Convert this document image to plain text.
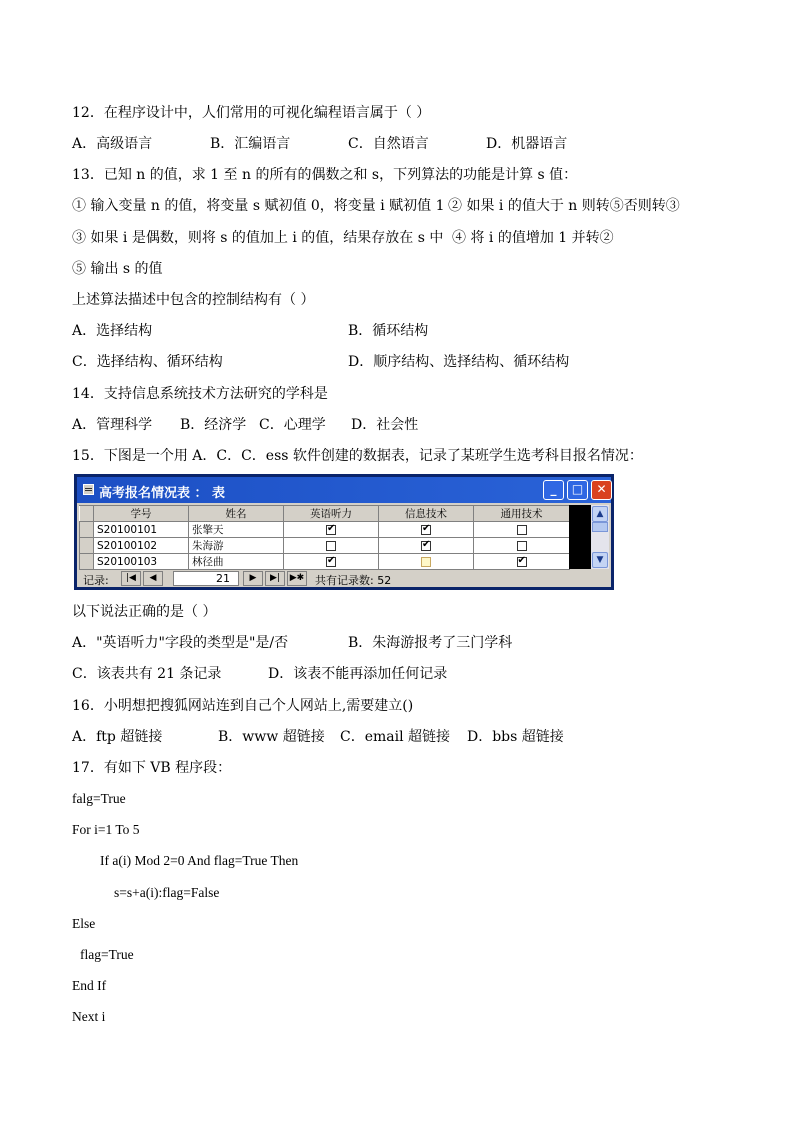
12．在程序设计中，人们常用的可视化编程语言属于（ ）
A．高级语言	B．汇编语言	C．自然语言	D．机器语言
13．已知 n 的值，求 1 至 n 的所有的偶数之和 s，下列算法的功能是计算 s 值：
① 输入变量 n 的值，将变量 s 赋初值 0，将变量 i 赋初值 1 ② 如果 i 的值大于 n 则转⑤否则转③
③ 如果 i 是偶数，则将 s 的值加上 i 的值，结果存放在 s 中 ④ 将 i 的值增加 1 并转②
⑤ 输出 s 的值
上述算法描述中包含的控制结构有（ ）
A．选择结构	B．循环结构
C．选择结构、循环结构	D．顺序结构、选择结构、循环结构
14．支持信息系统技术方法研究的学科是
A．管理科学 B．经济学 C．心理学 D．社会性
15．下图是一个用 A．C．C．ess 软件创建的数据表，记录了某班学生选考科目报名情况：
高考报名情况表 ： 表	_	□	✕
	学号	姓名	英语听力	信息技术	通用技术
	S20100101	张擎天	✔	✔	
	S20100102	朱海游		✔	
	S20100103	林径曲	✔		✔
▲
▼
记录:	|◀	◀	21	▶	▶|	▶✱ 共有记录数: 52
以下说法正确的是（ ）
A．"英语听力"字段的类型是"是/否	B．朱海游报考了三门学科
C．该表共有 21 条记录	D．该表不能再添加任何记录
16．小明想把搜狐网站连到自己个人网站上,需要建立()
A．ftp 超链接	B．www 超链接 C．email 超链接 D．bbs 超链接
17．有如下 VB 程序段：
falg=True
For i=1 To 5
If a(i) Mod 2=0 And flag=True Then
s=s+a(i):flag=False
Else
flag=True
End If
Next i
